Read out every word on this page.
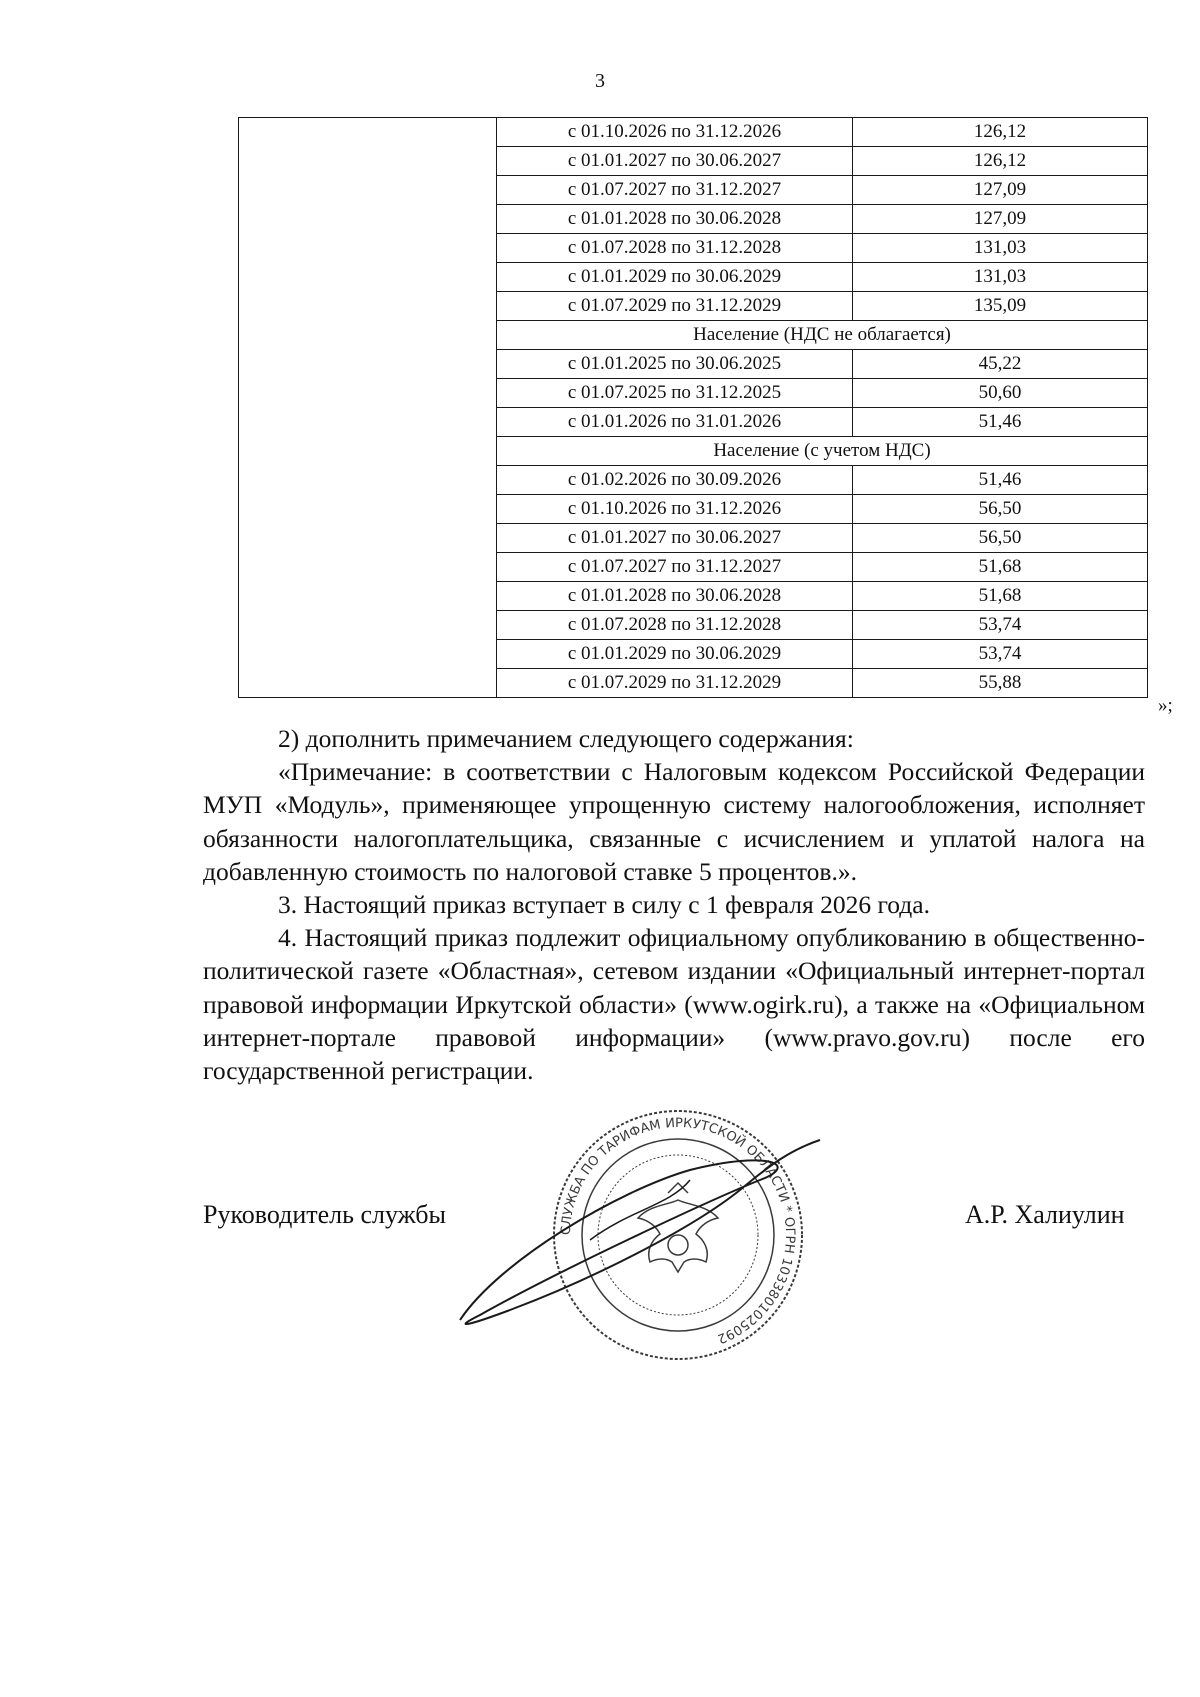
3
	с 01.10.2026 по 31.12.2026	126,12
	с 01.01.2027 по 30.06.2027	126,12
	с 01.07.2027 по 31.12.2027	127,09
	с 01.01.2028 по 30.06.2028	127,09
	с 01.07.2028 по 31.12.2028	131,03
	с 01.01.2029 по 30.06.2029	131,03
	с 01.07.2029 по 31.12.2029	135,09
	Население (НДС не облагается)	
	с 01.01.2025 по 30.06.2025	45,22
	с 01.07.2025 по 31.12.2025	50,60
	с 01.01.2026 по 31.01.2026	51,46
	Население (с учетом НДС)	
	с 01.02.2026 по 30.09.2026	51,46
	с 01.10.2026 по 31.12.2026	56,50
	с 01.01.2027 по 30.06.2027	56,50
	с 01.07.2027 по 31.12.2027	51,68
	с 01.01.2028 по 30.06.2028	51,68
	с 01.07.2028 по 31.12.2028	53,74
	с 01.01.2029 по 30.06.2029	53,74
	с 01.07.2029 по 31.12.2029	55,88
»;

2) дополнить примечанием следующего содержания:

«Примечание: в соответствии с Налоговым кодексом Российской Федерации МУП «Модуль», применяющее упрощенную систему налогообложения, исполняет обязанности налогоплательщика, связанные с исчислением и уплатой налога на добавленную стоимость по налоговой ставке 5 процентов.».

3. Настоящий приказ вступает в силу с 1 февраля 2026 года.

4. Настоящий приказ подлежит официальному опубликованию в общественно-политической газете «Областная», сетевом издании «Официальный интернет-портал правовой информации Иркутской области» (www.ogirk.ru), а также на «Официальном интернет-портале правовой информации» (www.pravo.gov.ru) после его государственной регистрации.

Руководитель службы	А.Р. Халиулин
СЛУЖБА ПО ТАРИФАМ ИРКУТСКОЙ ОБЛАСТИ * ОГРН 1033801025092
